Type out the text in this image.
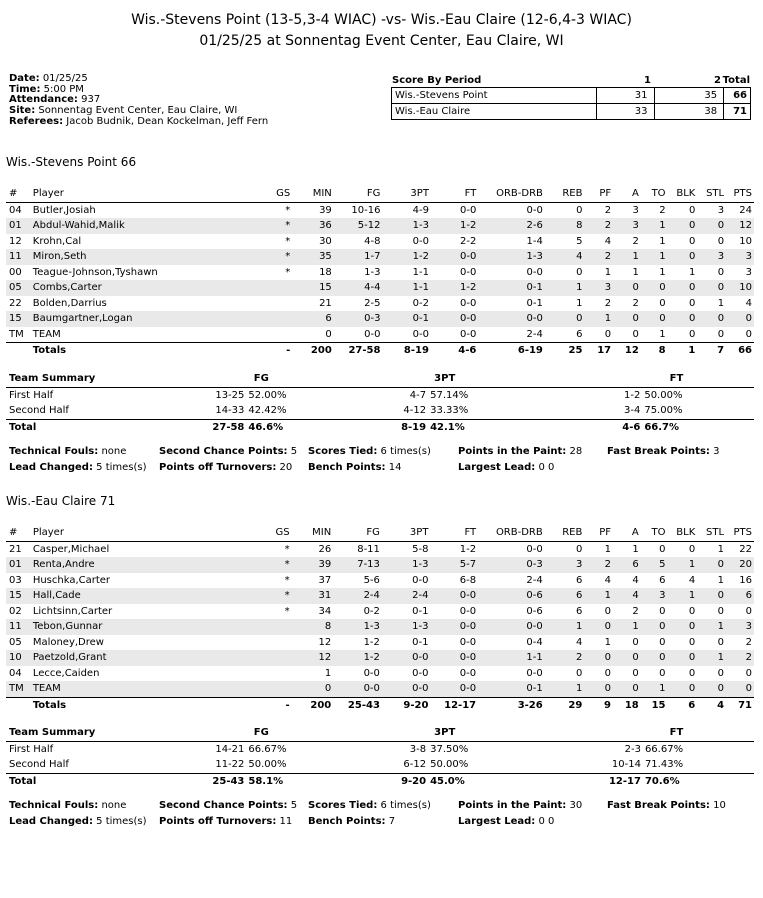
Wis.-Stevens Point (13-5,3-4 WIAC) -vs- Wis.-Eau Claire (12-6,4-3 WIAC)
01/25/25 at Sonnentag Event Center, Eau Claire, WI
Date: 01/25/25
Time: 5:00 PM
Attendance: 937
Site: Sonnentag Event Center, Eau Claire, WI
Referees: Jacob Budnik, Dean Kockelman, Jeff Fern
Score By Period	1	2 Total
Wis.-Stevens Point	31	35	66
Wis.-Eau Claire	33	38	71
Wis.-Stevens Point 66
#	Player	GS	MIN	FG	3PT	FT	ORB-DRB	REB	PF	A	TO	BLK	STL	PTS
04	Butler,Josiah	*	39	10-16	4-9	0-0	0-0	0	2	3	2	0	3	24
01	Abdul-Wahid,Malik	*	36	5-12	1-3	1-2	2-6	8	2	3	1	0	0	12
12	Krohn,Cal	*	30	4-8	0-0	2-2	1-4	5	4	2	1	0	0	10
11	Miron,Seth	*	35	1-7	1-2	0-0	1-3	4	2	1	1	0	3	3
00	Teague-Johnson,Tyshawn	*	18	1-3	1-1	0-0	0-0	0	1	1	1	1	0	3
05	Combs,Carter		15	4-4	1-1	1-2	0-1	1	3	0	0	0	0	10
22	Bolden,Darrius		21	2-5	0-2	0-0	0-1	1	2	2	0	0	1	4
15	Baumgartner,Logan		6	0-3	0-1	0-0	0-0	0	1	0	0	0	0	0
TM	TEAM		0	0-0	0-0	0-0	2-4	6	0	0	1	0	0	0
	Totals	-	200	27-58	8-19	4-6	6-19	25	17	12	8	1	7	66
Team Summary	FG		3PT		FT	
First Half	13-25	52.00%	4-7	57.14%	1-2	50.00%
Second Half	14-33	42.42%	4-12	33.33%	3-4	75.00%
Total	27-58	46.6%	8-19	42.1%	4-6	66.7%
Technical Fouls: none	Second Chance Points: 5 Scores Tied: 6 times(s)	Points in the Paint: 28 Fast Break Points: 3
Lead Changed: 5 times(s) Points off Turnovers: 20 Bench Points: 14	Largest Lead: 0 0
Wis.-Eau Claire 71
#	Player	GS	MIN	FG	3PT	FT	ORB-DRB	REB	PF	A	TO	BLK	STL	PTS
21	Casper,Michael	*	26	8-11	5-8	1-2	0-0	0	1	1	0	0	1	22
01	Renta,Andre	*	39	7-13	1-3	5-7	0-3	3	2	6	5	1	0	20
03	Huschka,Carter	*	37	5-6	0-0	6-8	2-4	6	4	4	6	4	1	16
15	Hall,Cade	*	31	2-4	2-4	0-0	0-6	6	1	4	3	1	0	6
02	Lichtsinn,Carter	*	34	0-2	0-1	0-0	0-6	6	0	2	0	0	0	0
11	Tebon,Gunnar		8	1-3	1-3	0-0	0-0	1	0	1	0	0	1	3
05	Maloney,Drew		12	1-2	0-1	0-0	0-4	4	1	0	0	0	0	2
10	Paetzold,Grant		12	1-2	0-0	0-0	1-1	2	0	0	0	0	1	2
04	Lecce,Caiden		1	0-0	0-0	0-0	0-0	0	0	0	0	0	0	0
TM	TEAM		0	0-0	0-0	0-0	0-1	1	0	0	1	0	0	0
	Totals	-	200	25-43	9-20	12-17	3-26	29	9	18	15	6	4	71
Team Summary	FG		3PT		FT	
First Half	14-21	66.67%	3-8	37.50%	2-3	66.67%
Second Half	11-22	50.00%	6-12	50.00%	10-14	71.43%
Total	25-43	58.1%	9-20	45.0%	12-17	70.6%
Technical Fouls: none	Second Chance Points: 5 Scores Tied: 6 times(s)	Points in the Paint: 30 Fast Break Points: 10
Lead Changed: 5 times(s) Points off Turnovers: 11 Bench Points: 7	Largest Lead: 0 0
